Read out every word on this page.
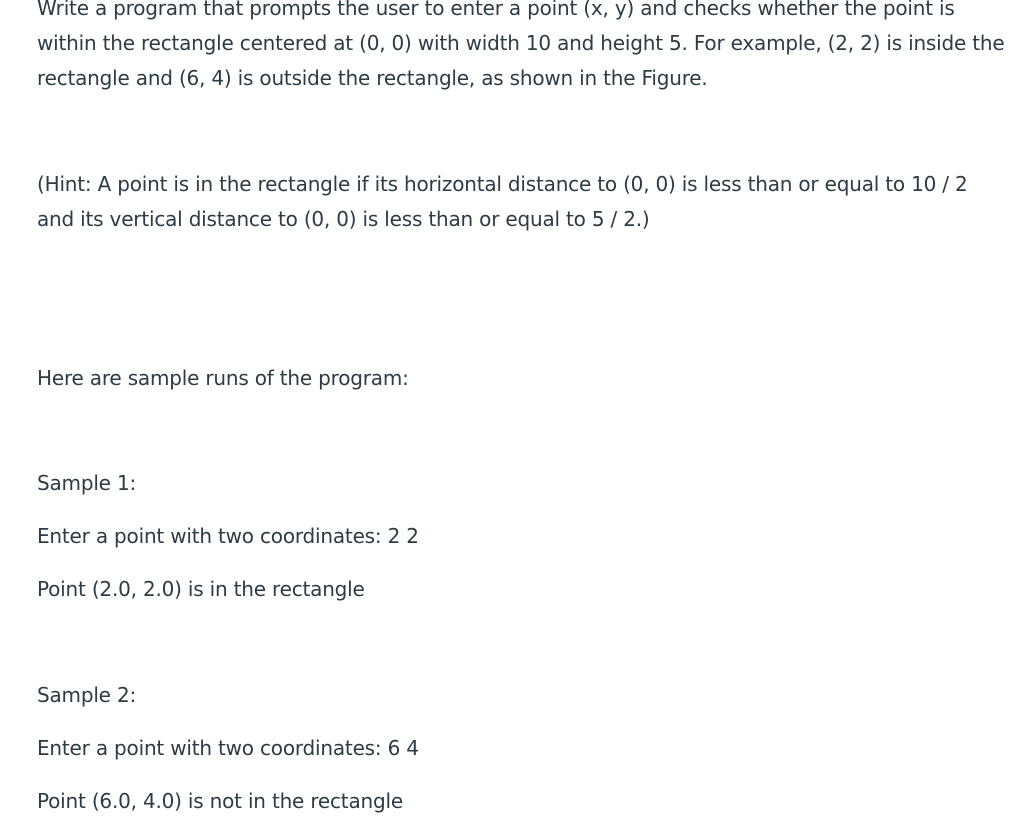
Write a program that prompts the user to enter a point (x, y) and checks whether the point is
within the rectangle centered at (0, 0) with width 10 and height 5. For example, (2, 2) is inside the
rectangle and (6, 4) is outside the rectangle, as shown in the Figure.

(Hint: A point is in the rectangle if its horizontal distance to (0, 0) is less than or equal to 10 / 2
and its vertical distance to (0, 0) is less than or equal to 5 / 2.)

Here are sample runs of the program:

Sample 1:

Enter a point with two coordinates: 2 2

Point (2.0, 2.0) is in the rectangle

Sample 2:

Enter a point with two coordinates: 6 4

Point (6.0, 4.0) is not in the rectangle
